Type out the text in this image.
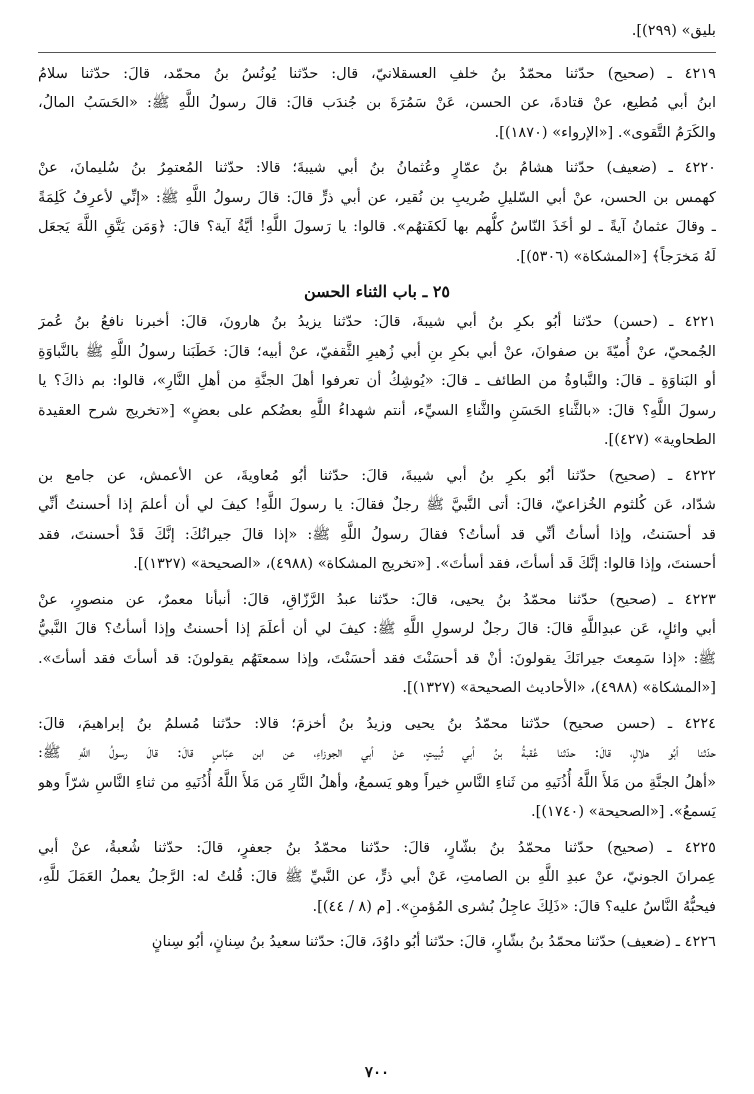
بليق» (٢٩٩)].
٤٢١٩ ـ (صحيح) حدّثنا محمّدُ بنُ خلفِ العسقلانيّ، قال: حدّثنا يُونُسُ بنُ محمّد، قالَ: حدّثنا سلامُ
ابنُ أبي مُطيع، عنْ قتادةَ، عن الحسن، عَنْ سَمُرَةَ بن جُندَب قالَ: قالَ رسولُ اللَّهِ ﷺ: «الحَسَبُ المالُ،
والكَرَمُ التَّقوى». [«الإرواء» (١٨٧٠)].
٤٢٢٠ ـ (ضعيف) حدّثنا هشامُ بنُ عمّارٍ وعُثمانُ بنُ أبي شيبةَ؛ قالا: حدّثنا المُعتمِرُ بنُ سُليمانَ، عنْ
كهمس بن الحسن، عنْ أبي السّليلِ ضُريبِ بن نُقير، عن أبي ذرٍّ قالَ: قالَ رسولُ اللَّهِ ﷺ: «إنِّي لأعرِفُ كَلِمَةً
ـ وقالَ عثمانُ آيةً ـ لو أخَذَ النّاسُ كلُّهم بها لَكفَتهُم». قالوا: يا رَسولَ اللَّهِ! أيَّةُ آية؟ قالَ: ﴿وَمَن يَتَّقِ اللَّهَ يَجعَل
لَهُ مَخرَجاً﴾ [«المشكاة» (٥٣٠٦)].
٢٥ ـ باب الثناء الحسن
٤٢٢١ ـ (حسن) حدّثنا أبُو بكرِ بنُ أبي شيبةَ، قالَ: حدّثنا يزيدُ بنُ هارونَ، قالَ: أخبرنا نافعُ بنُ عُمرَ
الجُمحيّ، عنْ أُميّةَ بن صفوانَ، عنْ أبي بكرِ بنِ أبي زُهيرِ الثَّقفيّ، عنْ أبيه؛ قالَ: خَطَبَنا رسولُ اللَّهِ ﷺ بالنَّباوَةِ
أو البَناوَةِ ـ قالَ: والنَّباوةُ من الطائف ـ قالَ: «يُوشِكُ أن تعرفوا أهلَ الجنَّةِ من أهلِ النَّارِ»، قالوا: بم ذاكَ؟ يا
رسولَ اللَّهِ؟ قالَ: «بالثَّناءِ الحَسَنِ والثَّناءِ السيِّء، أنتم شهداءُ اللَّهِ بعضُكم على بعضٍ» [«تخريج شرح العقيدة
الطحاوية» (٤٢٧)].
٤٢٢٢ ـ (صحيح) حدّثنا أبُو بكرِ بنُ أبي شيبةَ، قالَ: حدّثنا أبُو مُعاويةَ، عن الأعمش، عن جامع بن
شدّاد، عَن كُلثوم الخُزاعيّ، قالَ: أتى النَّبيَّ ﷺ رجلٌ فقالَ: يا رسولَ اللَّهِ! كيفَ لي أن أعلمَ إذا أحسنتُ أنِّي
قد أحسَنتُ، وإذا أسأتُ أنِّي قد أسأتُ؟ فقالَ رسولُ اللَّهِ ﷺ: «إذا قالَ جيرانُكَ: إنَّكَ قَدْ أحسنتَ، فقد
أحسنتَ، وإذا قالوا: إنَّكَ قَد أسأتَ، فقد أسأتَ». [«تخريج المشكاة» (٤٩٨٨)، «الصحيحة» (١٣٢٧)].
٤٢٢٣ ـ (صحيح) حدّثنا محمّدُ بنُ يحيى، قالَ: حدّثنا عبدُ الرَّزّاقِ، قالَ: أنبأنا معمرٌ، عن منصورٍ، عنْ
أبي وائلٍ، عَن عبدِاللَّهِ قالَ: قالَ رجلٌ لرسولِ اللَّهِ ﷺ: كيفَ لي أن أعلَمَ إذا أحسنتُ وإذا أسأتُ؟ قالَ النَّبيُّ
ﷺ: «إذا سَمِعتَ جيرانَكَ يقولونَ: أنْ قد أحسَنْتَ فقد أحسَنْتَ، وإذا سمعتَهُم يقولونَ: قد أسأتَ فقد أسأتَ».
[«المشكاة» (٤٩٨٨)، «الأحاديث الصحيحة» (١٣٢٧)].
٤٢٢٤ ـ (حسن صحيح) حدّثنا محمّدُ بنُ يحيى وزيدُ بنُ أخزمَ؛ قالا: حدّثنا مُسلمُ بنُ إبراهيمَ، قالَ:
حدّثنا أبُو هلالٍ، قالَ: حدّثنا عُقبةُ بنُ أبي ثُبيتٍ، عنْ أبي الجوزاءِ، عن ابن عبّاسٍ قالَ: قالَ رسولُ اللَّهِ ﷺ:
«أهلُ الجنَّةِ من مَلأَ اللَّهُ أُذُنَيهِ من ثَناءِ النَّاسِ خيراً وهو يَسمعُ، وأهلُ النَّارِ مَن مَلأَ اللَّهُ أُذُنَيهِ من ثناءِ النَّاسِ شرّاً وهو
يَسمعُ». [«الصحيحة» (١٧٤٠)].
٤٢٢٥ ـ (صحيح) حدّثنا محمّدُ بنُ بشّارٍ، قالَ: حدّثنا محمّدُ بنُ جعفرٍ، قالَ: حدّثنا شُعبةُ، عنْ أبي
عِمرانَ الجونيّ، عنْ عبدِ اللَّهِ بن الصامتِ، عَنْ أبي ذرٍّ، عن النَّبيِّ ﷺ قالَ: قُلتُ له: الرَّجلُ يعملُ العَمَلَ للَّهِ،
فيحبُّهُ النَّاسُ عليه؟ قالَ: «ذَلِكَ عاجِلُ بُشرى المُؤمنِ». [م (٨ / ٤٤)].
٤٢٢٦ ـ (ضعيف) حدّثنا محمّدُ بنُ بشّارٍ، قالَ: حدّثنا أبُو داوُدَ، قالَ: حدّثنا سعيدُ بنُ سِنانٍ، أبُو سِنانٍ
٧٠٠
